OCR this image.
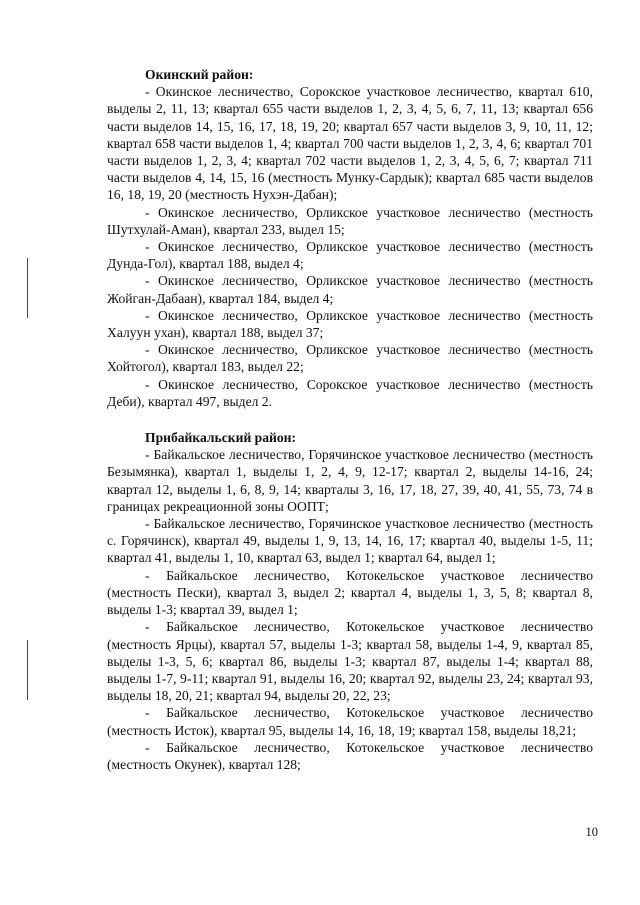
Окинский район:

- Окинское лесничество, Сорокское участковое лесничество, квартал 610, выделы 2, 11, 13; квартал 655 части выделов 1, 2, 3, 4, 5, 6, 7, 11, 13; квартал 656 части выделов 14, 15, 16, 17, 18, 19, 20; квартал 657 части выделов 3, 9, 10, 11, 12; квартал 658 части выделов 1, 4; квартал 700 части выделов 1, 2, 3, 4, 6; квартал 701 части выделов 1, 2, 3, 4; квартал 702 части выделов 1, 2, 3, 4, 5, 6, 7; квартал 711 части выделов 4, 14, 15, 16 (местность Мунку-Сардык); квартал 685 части выделов 16, 18, 19, 20 (местность Нухэн-Дабан);

- Окинское лесничество, Орликское участковое лесничество (местность Шутхулай-Аман), квартал 233, выдел 15;

- Окинское лесничество, Орликское участковое лесничество (местность Дунда-Гол), квартал 188, выдел 4;

- Окинское лесничество, Орликское участковое лесничество (местность Жойган-Дабаан), квартал 184, выдел 4;

- Окинское лесничество, Орликское участковое лесничество (местность Халуун ухан), квартал 188, выдел 37;

- Окинское лесничество, Орликское участковое лесничество (местность Хойтогол), квартал 183, выдел 22;

- Окинское лесничество, Сорокское участковое лесничество (местность Деби), квартал 497, выдел 2.

Прибайкальский район:

- Байкальское лесничество, Горячинское участковое лесничество (местность Безымянка), квартал 1, выделы 1, 2, 4, 9, 12-17; квартал 2, выделы 14-16, 24; квартал 12, выделы 1, 6, 8, 9, 14; кварталы 3, 16, 17, 18, 27, 39, 40, 41, 55, 73, 74 в границах рекреационной зоны ООПТ;

- Байкальское лесничество, Горячинское участковое лесничество (местность с. Горячинск), квартал 49, выделы 1, 9, 13, 14, 16, 17; квартал 40, выделы 1-5, 11; квартал 41, выделы 1, 10, квартал 63, выдел 1; квартал 64, выдел 1;

- Байкальское лесничество, Котокельское участковое лесничество (местность Пески), квартал 3, выдел 2; квартал 4, выделы 1, 3, 5, 8; квартал 8, выделы 1-3; квартал 39, выдел 1;

- Байкальское лесничество, Котокельское участковое лесничество (местность Ярцы), квартал 57, выделы 1-3; квартал 58, выделы 1-4, 9, квартал 85, выделы 1-3, 5, 6; квартал 86, выделы 1-3; квартал 87, выделы 1-4; квартал 88, выделы 1-7, 9-11; квартал 91, выделы 16, 20; квартал 92, выделы 23, 24; квартал 93, выделы 18, 20, 21; квартал 94, выделы 20, 22, 23;

- Байкальское лесничество, Котокельское участковое лесничество (местность Исток), квартал 95, выделы 14, 16, 18, 19; квартал 158, выделы 18,21;

- Байкальское лесничество, Котокельское участковое лесничество (местность Окунек), квартал 128;

10
